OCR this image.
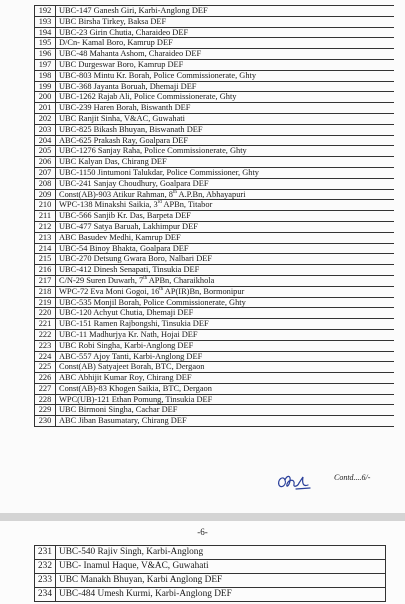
192	UBC-147 Ganesh Giri, Karbi-Anglong DEF
193	UBC Birsha Tirkey, Baksa DEF
194	UBC-23 Girin Chutia, Charaideo DEF
195	D/Cn- Kamal Boro, Kamrup DEF
196	UBC-48 Mahanta Ashom, Charaideo DEF
197	UBC Durgeswar Boro, Kamrup DEF
198	UBC-803 Mintu Kr. Borah, Police Commissionerate, Ghty
199	UBC-368 Jayanta Boruah, Dhemaji DEF
200	UBC-1262 Rajab Ali, Police Commissionerate, Ghty
201	UBC-239 Haren Borah, Biswanth DEF
202	UBC Ranjit Sinha, V&AC, Guwahati
203	UBC-825 Bikash Bhuyan, Biswanath DEF
204	ABC-625 Prakash Ray, Goalpara DEF
205	UBC-1276 Sanjay Raha, Police Commissionerate, Ghty
206	UBC Kalyan Das, Chirang DEF
207	UBC-1150 Jintumoni Talukdar, Police Commissioner, Ghty
208	UBC-241 Sanjay Choudhury, Goalpara DEF
209	Const(AB)-903 Atikur Rahman, 8th A.P.Bn, Abhayapuri
210	WPC-138 Minakshi Saikia, 3rd APBn, Titabor
211	UBC-566 Sanjib Kr. Das, Barpeta DEF
212	UBC-477 Satya Baruah, Lakhimpur DEF
213	ABC Basudev Medhi, Kamrup DEF
214	UBC-54 Binoy Bhakta, Goalpara DEF
215	UBC-270 Detsung Gwara Boro, Nalbari DEF
216	UBC-412 Dinesh Senapati, Tinsukia DEF
217	C/N-29 Suren Duwarh, 7th APBn, Charaikhola
218	WPC-72 Eva Moni Gogoi, 16th AP(IR)Bn, Bormonipur
219	UBC-535 Monjil Borah, Police Commissionerate, Ghty
220	UBC-120 Achyut Chutia, Dhemaji DEF
221	UBC-151 Ramen Rajbongshi, Tinsukia DEF
222	UBC-11 Madhurjya Kr. Nath, Hojai DEF
223	UBC Robi Singha, Karbi-Anglong DEF
224	ABC-557 Ajoy Tanti, Karbi-Anglong DEF
225	Const(AB) Satyajeet Borah, BTC, Dergaon
226	ABC Abhijit Kumar Roy, Chirang DEF
227	Const(AB)-83 Khogen Saikia, BTC, Dergaon
228	WPC(UB)-121 Ethan Pomung, Tinsukia DEF
229	UBC Birmoni Singha, Cachar DEF
230	ABC Jiban Basumatary, Chirang DEF
Contd....6/-
-6-
231	UBC-540 Rajiv Singh, Karbi-Anglong
232	UBC- Inamul Haque, V&AC, Guwahati
233	UBC Manakh Bhuyan, Karbi Anglong DEF
234	UBC-484 Umesh Kurmi, Karbi-Anglong DEF
